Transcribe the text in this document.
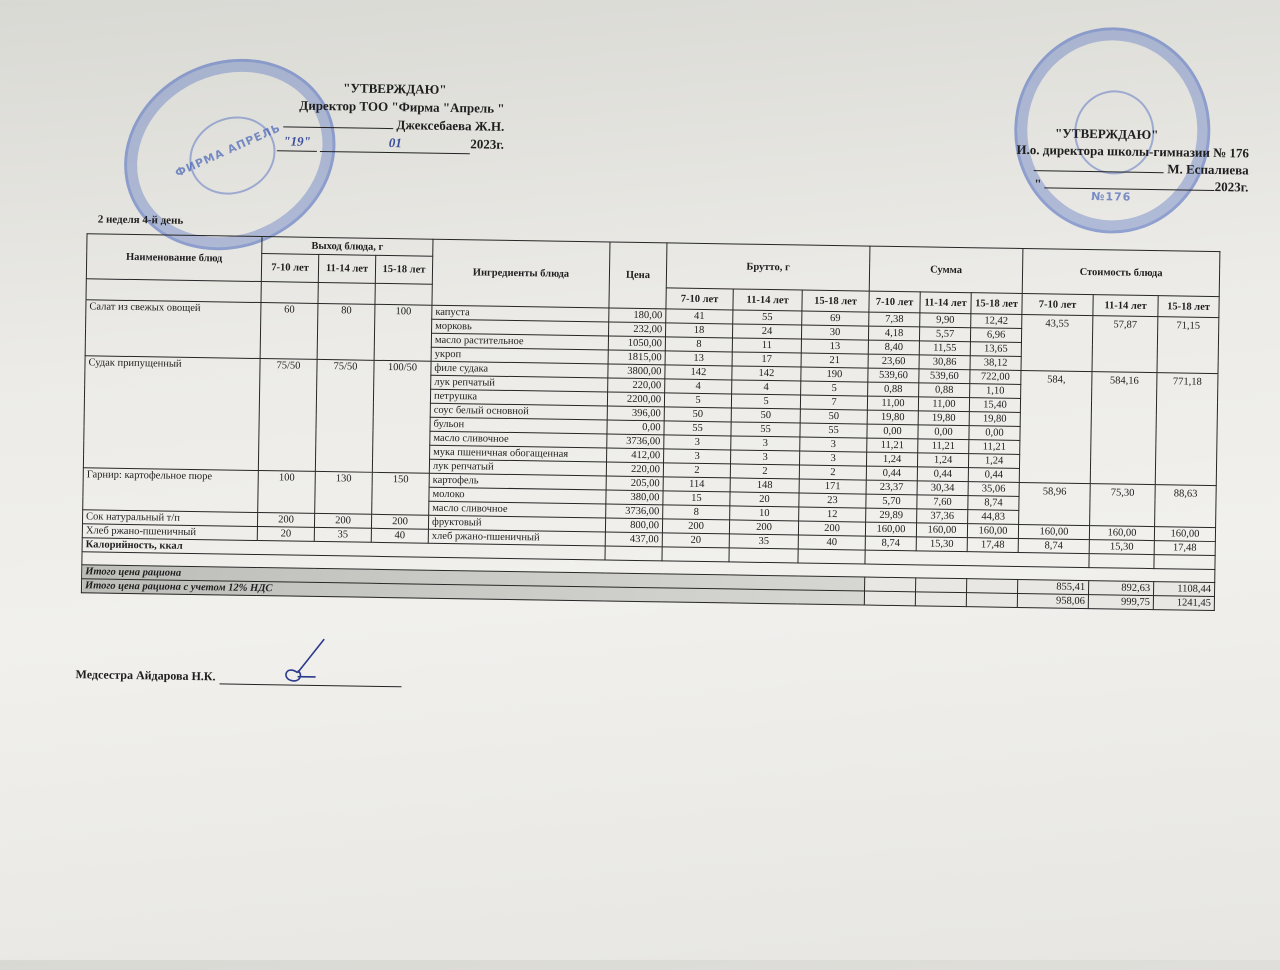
ФИРМА АПРЕЛЬ
№176
"УТВЕРЖДАЮ"
Директор ТОО "Фирма "Апрель "
Джексебаева Ж.Н.
"19"	01	2023г.
"УТВЕРЖДАЮ"
И.о. директора школы-гимназии № 176
М. Еспалиева
"	2023г.
2 неделя 4-й день
Наименование блюд	Выход блюда, г			Ингредиенты блюда	Цена	Брутто, г			Сумма			Стоимость блюда		
	7-10 лет	11-14 лет	15-18 лет											
						7-10 лет	11-14 лет	15-18 лет	7-10 лет	11-14 лет	15-18 лет	7-10 лет	11-14 лет	15-18 лет
Салат из свежых овощей	60	80	100	капуста	180,00	41	55	69	7,38	9,90	12,42	43,55	57,87	71,15
				морковь	232,00	18	24	30	4,18	5,57	6,96			
				масло растительное	1050,00	8	11	13	8,40	11,55	13,65			
				укроп	1815,00	13	17	21	23,60	30,86	38,12			
Судак припущенный	75/50	75/50	100/50	филе судака	3800,00	142	142	190	539,60	539,60	722,00	584,	584,16	771,18
				лук репчатый	220,00	4	4	5	0,88	0,88	1,10			
				петрушка	2200,00	5	5	7	11,00	11,00	15,40			
				соус белый основной	396,00	50	50	50	19,80	19,80	19,80			
				бульон	0,00	55	55	55	0,00	0,00	0,00			
				масло сливочное	3736,00	3	3	3	11,21	11,21	11,21			
				мука пшеничная обогащенная	412,00	3	3	3	1,24	1,24	1,24			
				лук репчатый	220,00	2	2	2	0,44	0,44	0,44			
Гарнир: картофельное пюре	100	130	150	картофель	205,00	114	148	171	23,37	30,34	35,06	58,96	75,30	88,63
				молоко	380,00	15	20	23	5,70	7,60	8,74			
				масло сливочное	3736,00	8	10	12	29,89	37,36	44,83			
Сок натуральный т/п	200	200	200	фруктовый	800,00	200	200	200	160,00	160,00	160,00	160,00	160,00	160,00
Хлеб ржано-пшеничный	20	35	40	хлеб ржано-пшеничный	437,00	20	35	40	8,74	15,30	17,48	8,74	15,30	17,48
Калорийность, ккал														

Итого цена рациона												855,41	892,63	1108,44
Итого цена рациона с учетом 12% НДС												958,06	999,75	1241,45
Медсестра Айдарова Н.К.
